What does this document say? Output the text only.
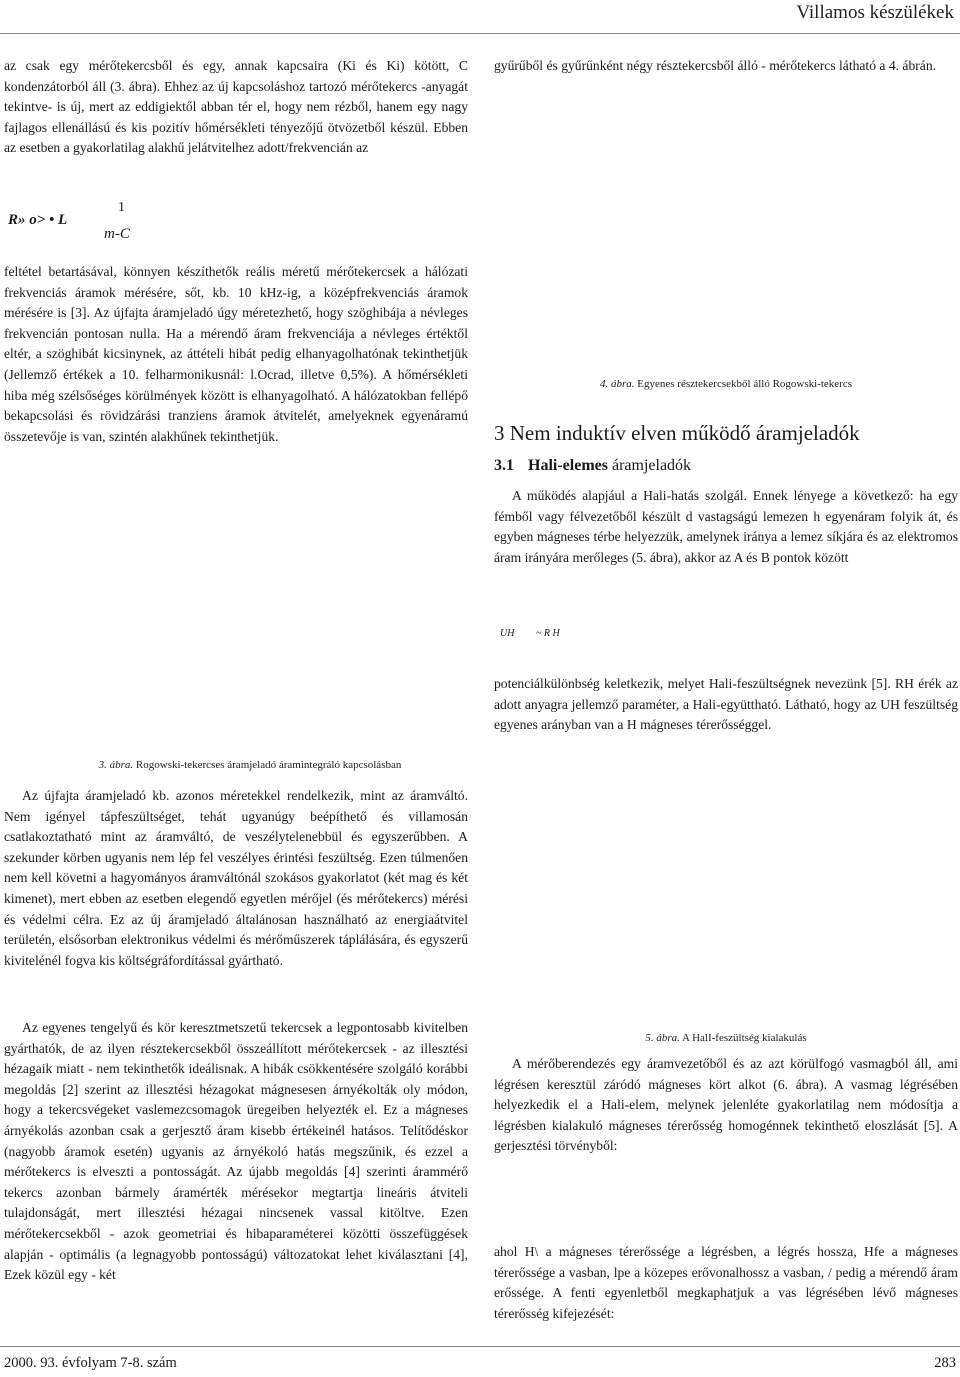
Villamos készülékek

az csak egy mérőtekercsből és egy, annak kapcsaira (Ki és Ki) kötött, C kondenzátorból áll (3. ábra). Ehhez az új kapcsoláshoz tartozó mérőtekercs -anyagát tekintve- is új, mert az eddigiektől abban tér el, hogy nem rézből, hanem egy nagy fajlagos ellenállású és kis pozitív hőmérsékleti tényezőjű ötvözetből készül. Ebben az esetben a gyakorlatilag alakhű jelátvitelhez adott/frekvencián az

R» o> • L
1
m-C

feltétel betartásával, könnyen készíthetők reális méretű mérőtekercsek a hálózati frekvenciás áramok mérésére, sőt, kb. 10 kHz-ig, a középfrekvenciás áramok mérésére is [3]. Az újfajta áramjeladó úgy méretezhető, hogy szöghibája a névleges frekvencián pontosan nulla. Ha a mérendő áram frekvenciája a névleges értéktől eltér, a szöghibát kicsinynek, az áttételi hibát pedig elhanyagolhatónak tekinthetjük (Jellemző értékek a 10. felharmonikusnál: l.Ocrad, illetve 0,5%). A hőmérsékleti hiba még szélsőséges körülmények között is elhanyagolható. A hálózatokban fellépő bekapcsolási és rövidzárási tranziens áramok átvitelét, amelyeknek egyenáramú összetevője is van, szintén alakhűnek tekinthetjük.

3. ábra. Rogowski-tekercses áramjeladó áramintegráló kapcsolásban

Az újfajta áramjeladó kb. azonos méretekkel rendelkezik, mint az áramváltó. Nem igényel tápfeszültséget, tehát ugyanúgy beépíthető és villamosán csatlakoztatható mint az áramváltó, de veszélytelenebbül és egyszerűbben. A szekunder körben ugyanis nem lép fel veszélyes érintési feszültség. Ezen túlmenően nem kell követni a hagyományos áramváltónál szokásos gyakorlatot (két mag és két kimenet), mert ebben az esetben elegendő egyetlen mérőjel (és mérőtekercs) mérési és védelmi célra. Ez az új áramjeladó általánosan használható az energiaátvitel területén, elsősorban elektronikus védelmi és mérőműszerek táplálására, és egyszerű kivitelénél fogva kis költségráfordítással gyártható.

Az egyenes tengelyű és kör keresztmetszetű tekercsek a legpontosabb kivitelben gyárthatók, de az ilyen résztekercsekből összeállított mérőtekercsek - az illesztési hézagaik miatt - nem tekinthetők ideálisnak. A hibák csökkentésére szolgáló korábbi megoldás [2] szerint az illesztési hézagokat mágnesesen árnyékolták oly módon, hogy a tekercsvégeket vaslemezcsomagok üregeiben helyezték el. Ez a mágneses árnyékolás azonban csak a gerjesztő áram kisebb értékeinél hatásos. Telítődéskor (nagyobb áramok esetén) ugyanis az árnyékoló hatás megszűnik, és ezzel a mérőtekercs is elveszti a pontosságát. Az újabb megoldás [4] szerinti árammérő tekercs azonban bármely áramérték mérésekor megtartja lineáris átviteli tulajdonságát, mert illesztési hézagai nincsenek vassal kitöltve. Ezen mérőtekercsekből - azok geometriai és hibaparaméterei közötti összefüggések alapján - optimális (a legnagyobb pontosságú) változatokat lehet kiválasztani [4], Ezek közül egy - két

gyűrűből és gyűrűnként négy résztekercsből álló - mérőtekercs látható a 4. ábrán.

4. ábra. Egyenes résztekercsekből álló Rogowski-tekercs
3 Nem induktív elven működő áramjeladók
3.1 Hali-elemes áramjeladók

A működés alapjául a Hali-hatás szolgál. Ennek lényege a következő: ha egy fémből vagy félvezetőből készült d vastagságú lemezen h egyenáram folyik át, és egyben mágneses térbe helyezzük, amelynek iránya a lemez síkjára és az elektromos áram irányára merőleges (5. ábra), akkor az A és B pontok között

UH ~ R H

potenciálkülönbség keletkezik, melyet Hali-feszültségnek nevezünk [5]. RH érék az adott anyagra jellemző paraméter, a Hali-együttható. Látható, hogy az UH feszültség egyenes arányban van a H mágneses térerősséggel.

5. ábra. A HalI-feszültség kialakulás

A mérőberendezés egy áramvezetőből és az azt körülfogó vasmagból áll, ami légrésen keresztül záródó mágneses kört alkot (6. ábra). A vasmag légrésében helyezkedik el a Hali-elem, melynek jelenléte gyakorlatilag nem módosítja a légrésben kialakuló mágneses térerősség homogénnek tekinthető eloszlását [5]. A gerjesztési törvényből:

ahol H\ a mágneses térerőssége a légrésben, a légrés hossza, Hfe a mágneses térerőssége a vasban, lpe a közepes erővonalhossz a vasban, / pedig a mérendő áram erőssége. A fenti egyenletből megkaphatjuk a vas légrésében lévő mágneses térerősség kifejezését:

2000. 93. évfolyam 7-8. szám	283
